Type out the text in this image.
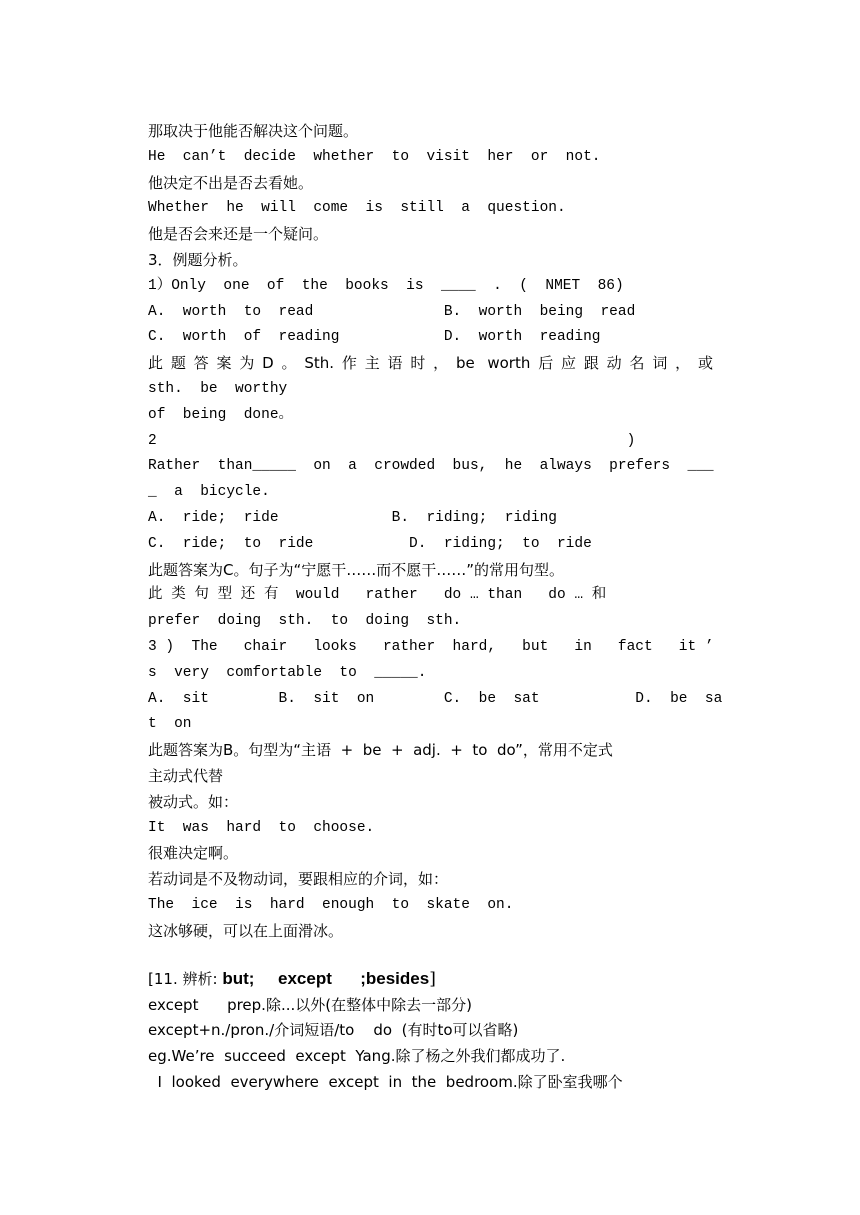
那取决于他能否解决这个问题。
He  can’t  decide  whether  to  visit  her  or  not.
他决定不出是否去看她。
Whether  he  will  come  is  still  a  question.
他是否会来还是一个疑问。
3．例题分析。
1）Only  one  of  the  books  is  ____  .  (  NMET  86)
A.  worth  to  read               B.  worth  being  read
C.  worth  of  reading            D.  worth  reading
此题答案为D。Sth.作主语时，be worth后应跟动名词，或
sth.  be  worthy
of  being  done。
2                                                      )
Rather  than_____  on  a  crowded  bus,  he  always  prefers  ___
_  a  bicycle.
A.  ride;  ride             B.  riding;  riding
C.  ride;  to  ride           D.  riding;  to  ride
此题答案为C。句子为“宁愿干……而不愿干……”的常用句型。
此 类 句 型 还 有  would   rather   do … than   do … 和
prefer  doing  sth.  to  doing  sth.
3 )  The   chair   looks   rather  hard,   but   in   fact   it ’
s  very  comfortable  to  _____.
A.  sit        B.  sit  on        C.  be  sat           D.  be  sa
t  on
此题答案为B。句型为“主语  +  be  +  adj.  +  to  do”，常用不定式
主动式代替
被动式。如：
It  was  hard  to  choose.
很难决定啊。
若动词是不及物动词，要跟相应的介词，如：
The  ice  is  hard  enough  to  skate  on.
这冰够硬，可以在上面滑冰。
[11. 辨析: but;     except      ;besides]
except      prep.除...以外(在整体中除去一部分)
except+n./pron./介词短语/to    do  (有时to可以省略)
eg.We’re  succeed  except  Yang.除了杨之外我们都成功了.
I  looked  everywhere  except  in  the  bedroom.除了卧室我哪个
